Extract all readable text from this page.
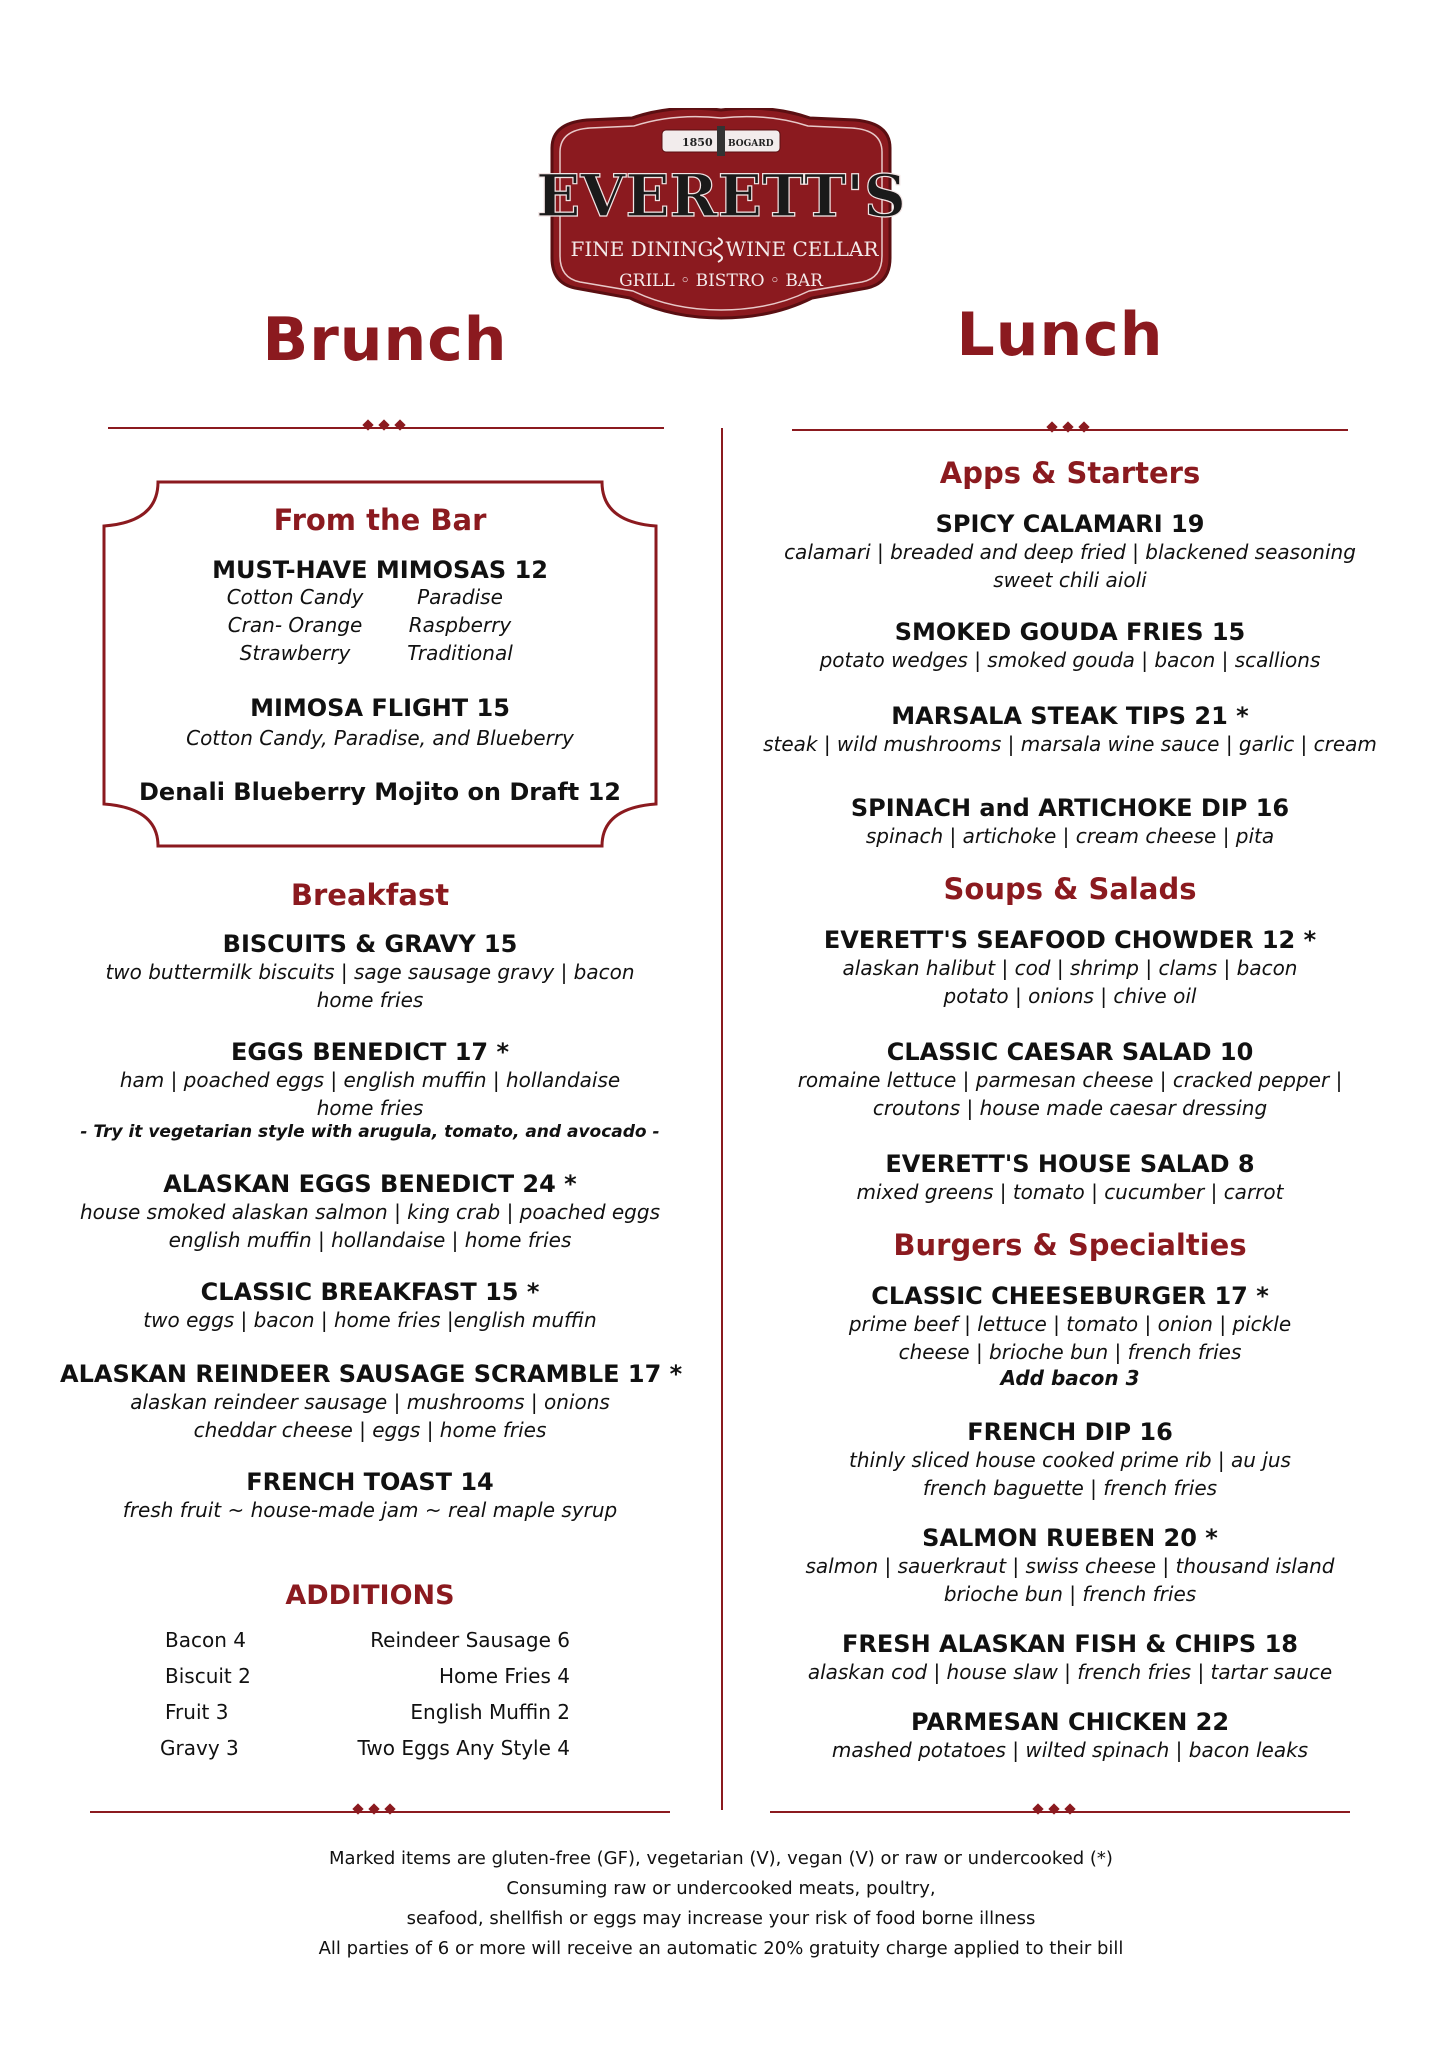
1850 BOGARD
EVERETT'S
FINE DINING WINE CELLAR
GRILL ◦ BISTRO ◦ BAR
Brunch	Lunch
From the Bar
MUST-HAVE MIMOSAS 12
Cotton Candy
Cran- Orange
Strawberry
Paradise
Raspberry
Traditional
MIMOSA FLIGHT 15
Cotton Candy, Paradise, and Blueberry
Denali Blueberry Mojito on Draft 12
Breakfast
BISCUITS & GRAVY 15
two buttermilk biscuits | sage sausage gravy | bacon
home fries
EGGS BENEDICT 17 *
ham | poached eggs | english muffin | hollandaise
home fries
- Try it vegetarian style with arugula, tomato, and avocado -
ALASKAN EGGS BENEDICT 24 *
house smoked alaskan salmon | king crab | poached eggs
english muffin | hollandaise | home fries
CLASSIC BREAKFAST 15 *
two eggs | bacon | home fries |english muffin
ALASKAN REINDEER SAUSAGE SCRAMBLE 17 *
alaskan reindeer sausage | mushrooms | onions
cheddar cheese | eggs | home fries
FRENCH TOAST 14
fresh fruit ~ house-made jam ~ real maple syrup
ADDITIONS
Bacon 4
Biscuit 2
Fruit 3
Gravy 3
Reindeer Sausage 6
Home Fries 4
English Muffin 2
Two Eggs Any Style 4
Apps & Starters
SPICY CALAMARI 19
calamari | breaded and deep fried | blackened seasoning
sweet chili aioli
SMOKED GOUDA FRIES 15
potato wedges | smoked gouda | bacon | scallions
MARSALA STEAK TIPS 21 *
steak | wild mushrooms | marsala wine sauce | garlic | cream
SPINACH and ARTICHOKE DIP 16
spinach | artichoke | cream cheese | pita
Soups & Salads
EVERETT'S SEAFOOD CHOWDER 12 *
alaskan halibut | cod | shrimp | clams | bacon
potato | onions | chive oil
CLASSIC CAESAR SALAD 10
romaine lettuce | parmesan cheese | cracked pepper |
croutons | house made caesar dressing
EVERETT'S HOUSE SALAD 8
mixed greens | tomato | cucumber | carrot
Burgers & Specialties
CLASSIC CHEESEBURGER 17 *
prime beef | lettuce | tomato | onion | pickle
cheese | brioche bun | french fries
Add bacon 3
FRENCH DIP 16
thinly sliced house cooked prime rib | au jus
french baguette | french fries
SALMON RUEBEN 20 *
salmon | sauerkraut | swiss cheese | thousand island
brioche bun | french fries
FRESH ALASKAN FISH & CHIPS 18
alaskan cod | house slaw | french fries | tartar sauce
PARMESAN CHICKEN 22
mashed potatoes | wilted spinach | bacon leaks
Marked items are gluten-free (GF), vegetarian (V), vegan (V) or raw or undercooked (*)
Consuming raw or undercooked meats, poultry,
seafood, shellfish or eggs may increase your risk of food borne illness
All parties of 6 or more will receive an automatic 20% gratuity charge applied to their bill
